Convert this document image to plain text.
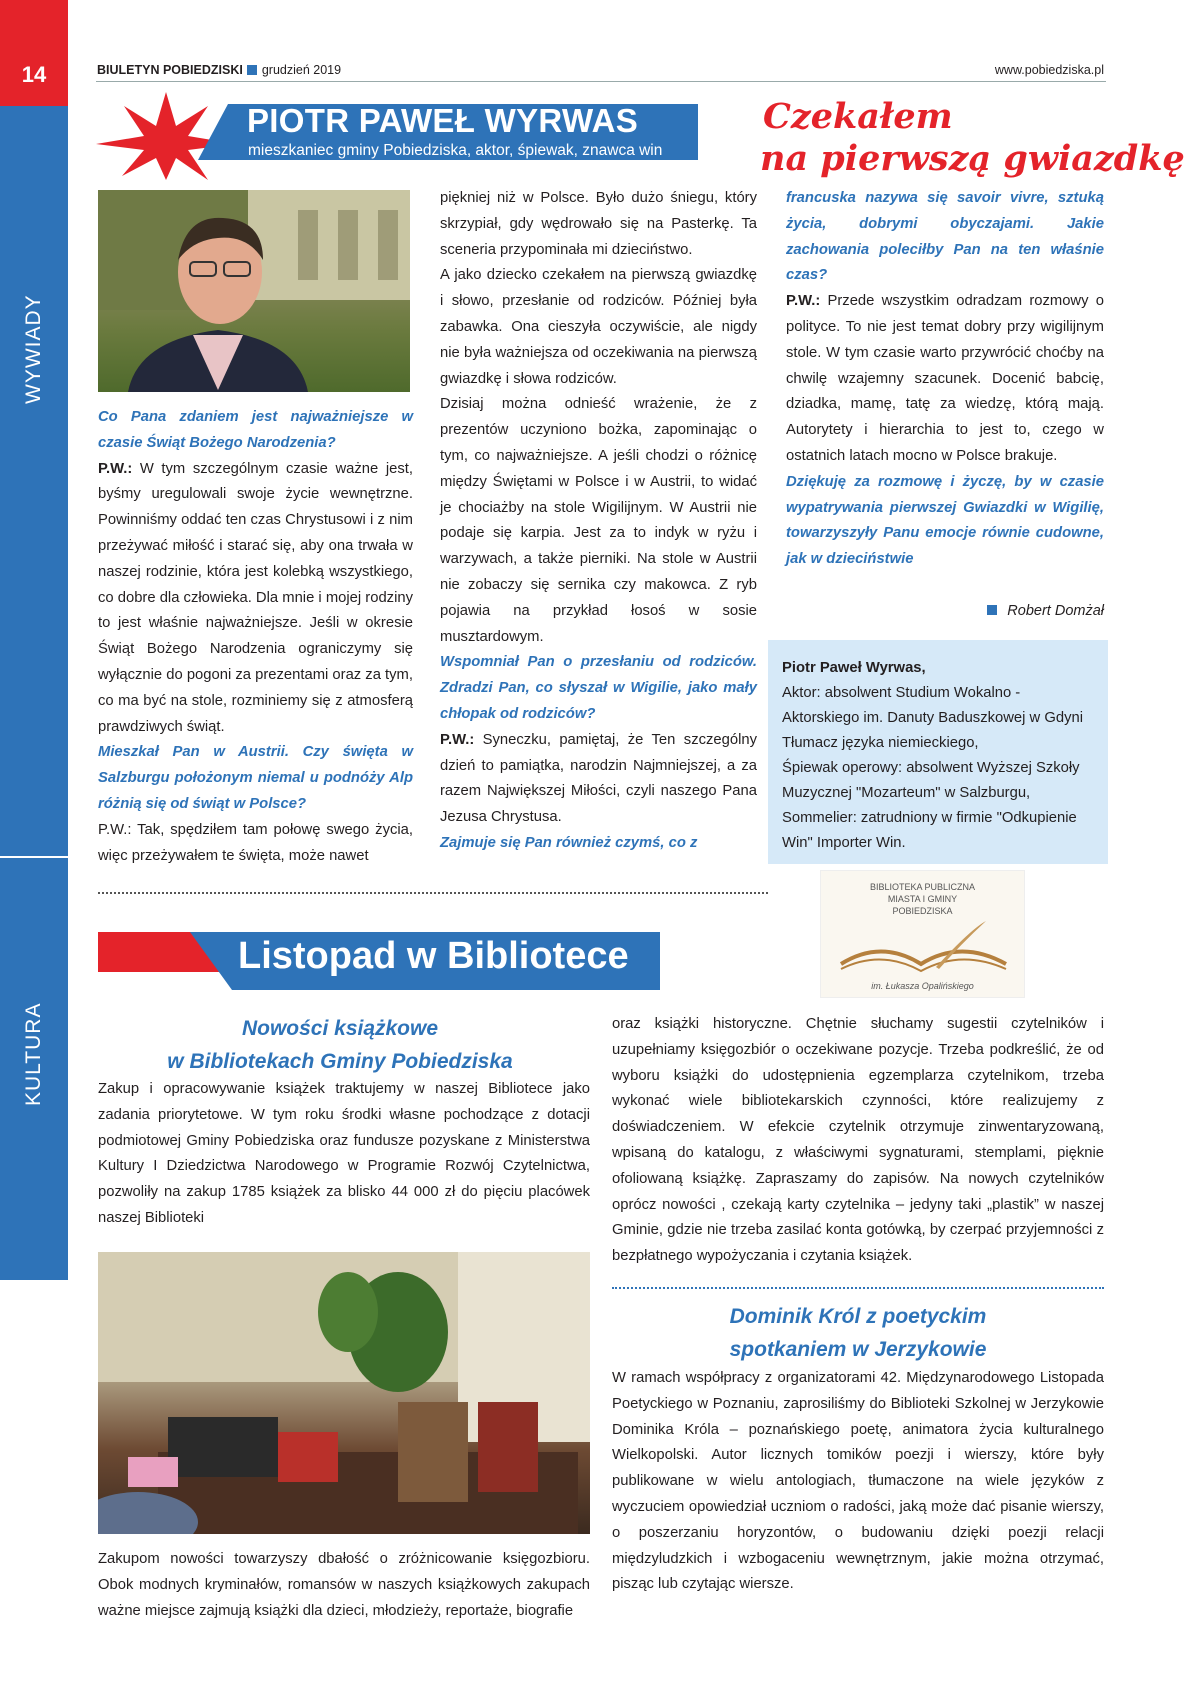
14
WYWIADY
KULTURA
BIULETYN POBIEDZISKI grudzień 2019	www.pobiedziska.pl
PIOTR PAWEŁ WYRWAS
mieszkaniec gminy Pobiedziska, aktor, śpiewak, znawca win
Czekałem
na pierwszą gwiazdkę
Co Pana zdaniem jest najważniejsze w czasie Świąt Bożego Narodzenia?
P.W.: W tym szczególnym czasie ważne jest, byśmy uregulowali swoje życie wewnętrzne. Powinniśmy oddać ten czas Chrystusowi i z nim przeżywać miłość i starać się, aby ona trwała w naszej rodzinie, która jest kolebką wszystkiego, co dobre dla człowieka. Dla mnie i mojej rodziny to jest właśnie najważniejsze. Jeśli w okresie Świąt Bożego Narodzenia ograniczymy się wyłącznie do pogoni za prezentami oraz za tym, co ma być na stole, rozminiemy się z atmosferą prawdziwych świąt.
Mieszkał Pan w Austrii. Czy święta w Salzburgu położonym niemal u podnóży Alp różnią się od świąt w Polsce?
P.W.: Tak, spędziłem tam połowę swego życia, więc przeżywałem te święta, może nawet
piękniej niż w Polsce. Było dużo śniegu, który skrzypiał, gdy wędrowało się na Pasterkę. Ta sceneria przypominała mi dzieciństwo.
A jako dziecko czekałem na pierwszą gwiazdkę i słowo, przesłanie od rodziców. Później była zabawka. Ona cieszyła oczywiście, ale nigdy nie była ważniejsza od oczekiwania na pierwszą gwiazdkę i słowa rodziców.
Dzisiaj można odnieść wrażenie, że z prezentów uczyniono bożka, zapominając o tym, co najważniejsze. A jeśli chodzi o różnicę między Świętami w Polsce i w Austrii, to widać je chociażby na stole Wigilijnym. W Austrii nie podaje się karpia. Jest za to indyk w ryżu i warzywach, a także pierniki. Na stole w Austrii nie zobaczy się sernika czy makowca. Z ryb pojawia na przykład łosoś w sosie musztardowym.
Wspomniał Pan o przesłaniu od rodziców. Zdradzi Pan, co słyszał w Wigilie, jako mały chłopak od rodziców?
P.W.: Syneczku, pamiętaj, że Ten szczególny dzień to pamiątka, narodzin Najmniejszej, a za razem Największej Miłości, czyli naszego Pana Jezusa Chrystusa.
Zajmuje się Pan również czymś, co z
francuska nazywa się savoir vivre, sztuką życia, dobrymi obyczajami. Jakie zachowania poleciłby Pan na ten właśnie czas?
P.W.: Przede wszystkim odradzam rozmowy o polityce. To nie jest temat dobry przy wigilijnym stole. W tym czasie warto przywrócić choćby na chwilę wzajemny szacunek. Docenić babcię, dziadka, mamę, tatę za wiedzę, którą mają. Autorytety i hierarchia to jest to, czego w ostatnich latach mocno w Polsce brakuje.
Dziękuję za rozmowę i życzę, by w czasie wypatrywania pierwszej Gwiazdki w Wigilię, towarzyszyły Panu emocje równie cudowne, jak w dzieciństwie
Robert Domżał
Piotr Paweł Wyrwas,
Aktor: absolwent Studium Wokalno - Aktorskiego im. Danuty Baduszkowej w Gdyni
Tłumacz języka niemieckiego,
Śpiewak operowy: absolwent Wyższej Szkoły Muzycznej "Mozarteum" w Salzburgu,
Sommelier: zatrudniony w firmie "Odkupienie Win" Importer Win.
BIBLIOTEKA PUBLICZNA
MIASTA I GMINY
POBIEDZISKA
im. Łukasza Opalińskiego
Listopad w Bibliotece
Nowości książkowe
w Bibliotekach Gminy Pobiedziska
Zakup i opracowywanie książek traktujemy w naszej Bibliotece jako zadania priorytetowe. W tym roku środki własne pochodzące z dotacji podmiotowej Gminy Pobiedziska oraz fundusze pozyskane z Ministerstwa Kultury I Dziedzictwa Narodowego w Programie Rozwój Czytelnictwa, pozwoliły na zakup 1785 książek za blisko 44 000 zł do pięciu placówek naszej Biblioteki
Zakupom nowości towarzyszy dbałość o zróżnicowanie księgozbioru. Obok modnych kryminałów, romansów w naszych książkowych zakupach ważne miejsce zajmują książki dla dzieci, młodzieży, reportaże, biografie
oraz książki historyczne. Chętnie słuchamy sugestii czytelników i uzupełniamy księgozbiór o oczekiwane pozycje. Trzeba podkreślić, że od wyboru książki do udostępnienia egzemplarza czytelnikom, trzeba wykonać wiele bibliotekarskich czynności, które realizujemy z doświadczeniem. W efekcie czytelnik otrzymuje zinwentaryzowaną, wpisaną do katalogu, z właściwymi sygnaturami, stemplami, pięknie ofoliowaną książkę. Zapraszamy do zapisów. Na nowych czytelników oprócz nowości , czekają karty czytelnika – jedyny taki „plastik” w naszej Gminie, gdzie nie trzeba zasilać konta gotówką, by czerpać przyjemności z bezpłatnego wypożyczania i czytania książek.
Dominik Król z poetyckim
spotkaniem w Jerzykowie
W ramach współpracy z organizatorami 42. Międzynarodowego Listopada Poetyckiego w Poznaniu, zaprosiliśmy do Biblioteki Szkolnej w Jerzykowie Dominika Króla – poznańskiego poetę, animatora życia kulturalnego Wielkopolski. Autor licznych tomików poezji i wierszy, które były publikowane w wielu antologiach, tłumaczone na wiele języków z wyczuciem opowiedział uczniom o radości, jaką może dać pisanie wierszy, o poszerzaniu horyzontów, o budowaniu dzięki poezji relacji międzyludzkich i wzbogaceniu wewnętrznym, jakie można otrzymać, pisząc lub czytając wiersze.
